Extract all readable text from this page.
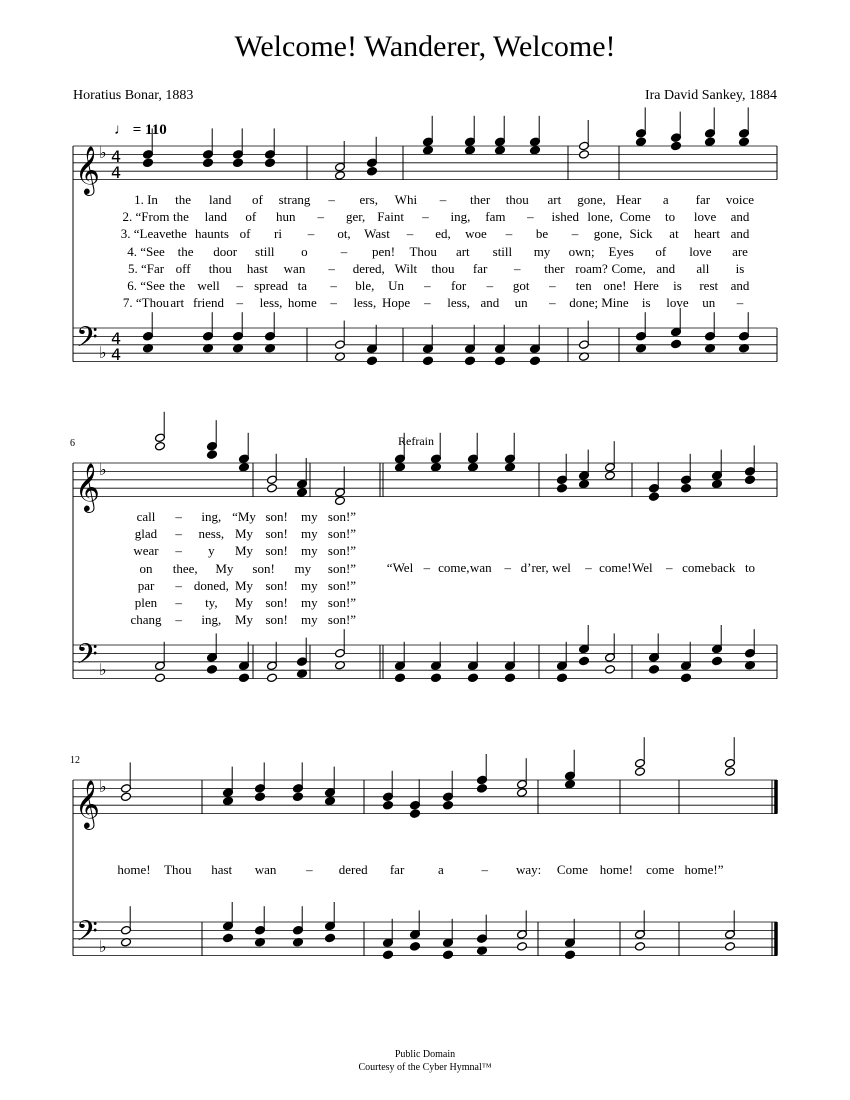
Welcome! Wanderer, Welcome!
Horatius Bonar, 1883	Ira David Sankey, 1884
♩ = 110
6
12
Refrain
𝄞
𝄢
♭
♭
4
4
4
4
𝄞
𝄢
♭
♭
𝄞
𝄢
♭
♭
1. In the land of strang – ers, Whi – ther thou art gone, Hear a far voice
2. “From the land of hun – ger, Faint – ing, fam – ished lone, Come to love and
3. “Leave the haunts of ri – ot, Wast – ed, woe – be – gone, Sick at heart and
4. “See the door still o	– pen! Thou art still my own; Eyes of love are
5. “Far off thou hast wan – dered, Wilt thou far – ther roam? Come, and all is
6. “See the well – spread ta – ble, Un – for – got – ten one! Here is rest and
7. “Thou art friend – less, home – less, Hope – less, and un – done; Mine is love un –
call – ing, “My son! my son!”
glad – ness, My son! my son!”
wear – y My son! my son!”
on thee, My son! my son!”
par – doned, My son! my son!”
plen – ty, My son! my son!”
chang – ing, My son! my son!”
“Wel – come, wan – d’rer, wel – come! Wel – come back to
home! Thou hast wan – dered far	a	– way: Come home! come home!”
Public Domain
Courtesy of the Cyber Hymnal™
